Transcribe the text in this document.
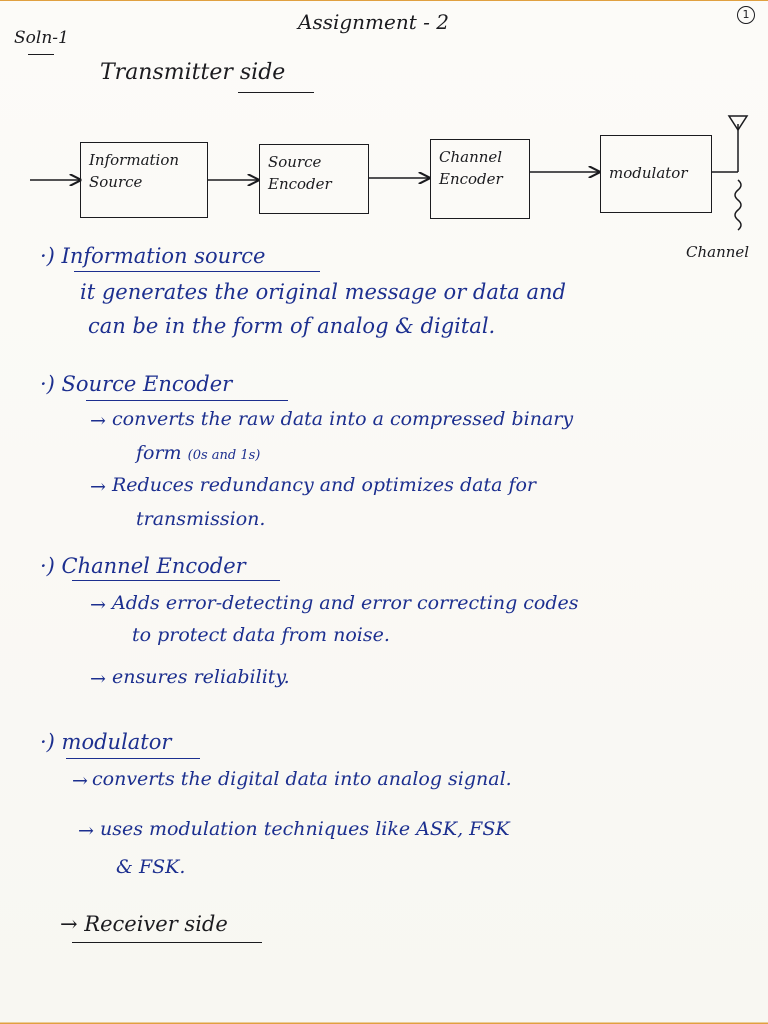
Assignment - 2	1
Soln-1
Transmitter side
Information
Source
Source
Encoder
Channel
Encoder	modulator
Channel
·) Information source
it generates the original message or data and
can be in the form of analog & digital.
·) Source Encoder
→ converts the raw data into a compressed binary
form (0s and 1s)
→ Reduces redundancy and optimizes data for
transmission.
·) Channel Encoder
→ Adds error-detecting and error correcting codes
to protect data from noise.
→ ensures reliability.
·) modulator
→ converts the digital data into analog signal.
→ uses modulation techniques like ASK, FSK
& FSK.
→ Receiver side
